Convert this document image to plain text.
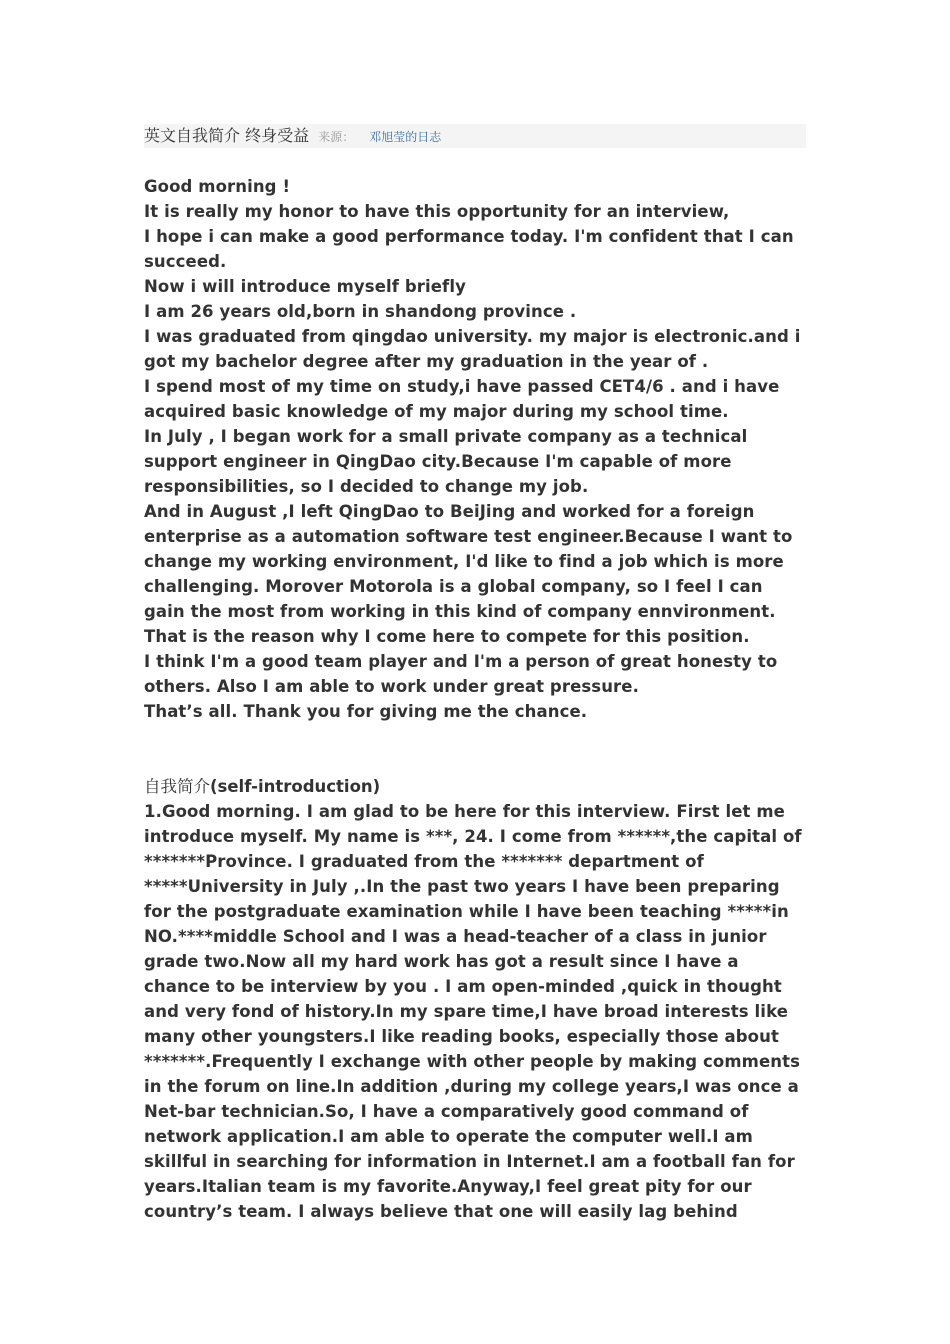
英文自我简介 终身受益 来源： 邓旭莹的日志

Good morning !

It is really my honor to have this opportunity for an interview,

I hope i can make a good performance today. I'm confident that I can succeed.

Now i will introduce myself briefly

I am 26 years old,born in shandong province .

I was graduated from qingdao university. my major is electronic.and i got my bachelor degree after my graduation in the year of .

I spend most of my time on study,i have passed CET4/6 . and i have acquired basic knowledge of my major during my school time.

In July , I began work for a small private company as a technical support engineer in QingDao city.Because I'm capable of more responsibilities, so I decided to change my job.

And in August ,I left QingDao to BeiJing and worked for a foreign enterprise as a automation software test engineer.Because I want to change my working environment, I'd like to find a job which is more challenging. Morover Motorola is a global company, so I feel I can gain the most from working in this kind of company ennvironment. That is the reason why I come here to compete for this position.

I think I'm a good team player and I'm a person of great honesty to others. Also I am able to work under great pressure.

That’s all. Thank you for giving me the chance.

自我简介(self-introduction)

1.Good morning. I am glad to be here for this interview. First let me introduce myself. My name is ***, 24. I come from ******,the capital of *******Province. I graduated from the ******* department of *****University in July ,.In the past two years I have been preparing for the postgraduate examination while I have been teaching *****in NO.****middle School and I was a head-teacher of a class in junior grade two.Now all my hard work has got a result since I have a chance to be interview by you . I am open-minded ,quick in thought and very fond of history.In my spare time,I have broad interests like many other youngsters.I like reading books, especially those about *******.Frequently I exchange with other people by making comments in the forum on line.In addition ,during my college years,I was once a Net-bar technician.So, I have a comparatively good command of network application.I am able to operate the computer well.I am skillful in searching for information in Internet.I am a football fan for years.Italian team is my favorite.Anyway,I feel great pity for our country’s team. I always believe that one will easily lag behind
